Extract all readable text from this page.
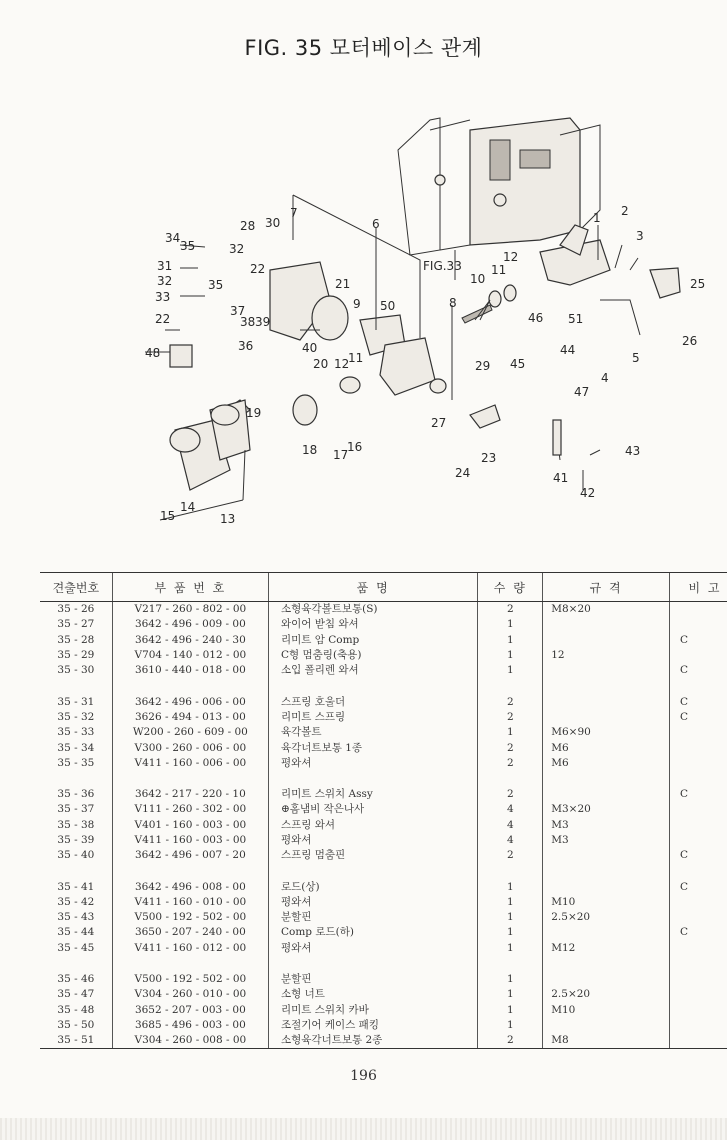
FIG. 35 모터베이스 관계
34
35	32
31
32	35
33
22
28 30
7
6
22
21
9 50
37
38 39
36	40
20 12
11
48
FIG.33
12
11
10
8
1 2
3
25
26
46 51
44
5
4
29 45
47
19
18 17
16
27
23
24	41
42
43
15
14
13
견출번호	부 품 번 호	품 명	수 량	규 격	비 고
35 - 26	V217 - 260 - 802 - 00	소형육각볼트보통(S)	2	M8×20	
35 - 27	3642 - 496 - 009 - 00	와이어 받침 와셔	1		
35 - 28	3642 - 496 - 240 - 30	리미트 암 Comp	1		C
35 - 29	V704 - 140 - 012 - 00	C형 멈춤링(축용)	1	12	
35 - 30	3610 - 440 - 018 - 00	소입 폴리렌 와셔	1		C

35 - 31	3642 - 496 - 006 - 00	스프링 호울더	2		C
35 - 32	3626 - 494 - 013 - 00	리미트 스프링	2		C
35 - 33	W200 - 260 - 609 - 00	육각볼트	1	M6×90	
35 - 34	V300 - 260 - 006 - 00	육각너트보통 1종	2	M6	
35 - 35	V411 - 160 - 006 - 00	평와셔	2	M6	

35 - 36	3642 - 217 - 220 - 10	리미트 스위치 Assy	2		C
35 - 37	V111 - 260 - 302 - 00	⊕홈냄비 작은나사	4	M3×20	
35 - 38	V401 - 160 - 003 - 00	스프링 와셔	4	M3	
35 - 39	V411 - 160 - 003 - 00	평와셔	4	M3	
35 - 40	3642 - 496 - 007 - 20	스프링 멈춤핀	2		C

35 - 41	3642 - 496 - 008 - 00	로드(상)	1		C
35 - 42	V411 - 160 - 010 - 00	평와셔	1	M10	
35 - 43	V500 - 192 - 502 - 00	분할핀	1	2.5×20	
35 - 44	3650 - 207 - 240 - 00	Comp 로드(하)	1		C
35 - 45	V411 - 160 - 012 - 00	평와셔	1	M12	

35 - 46	V500 - 192 - 502 - 00	분할핀	1		
35 - 47	V304 - 260 - 010 - 00	소형 너트	1	2.5×20	
35 - 48	3652 - 207 - 003 - 00	리미트 스위치 카바	1	M10	
35 - 50	3685 - 496 - 003 - 00	조절기어 케이스 패킹	1		
35 - 51	V304 - 260 - 008 - 00	소형육각너트보통 2종	2	M8	
196
